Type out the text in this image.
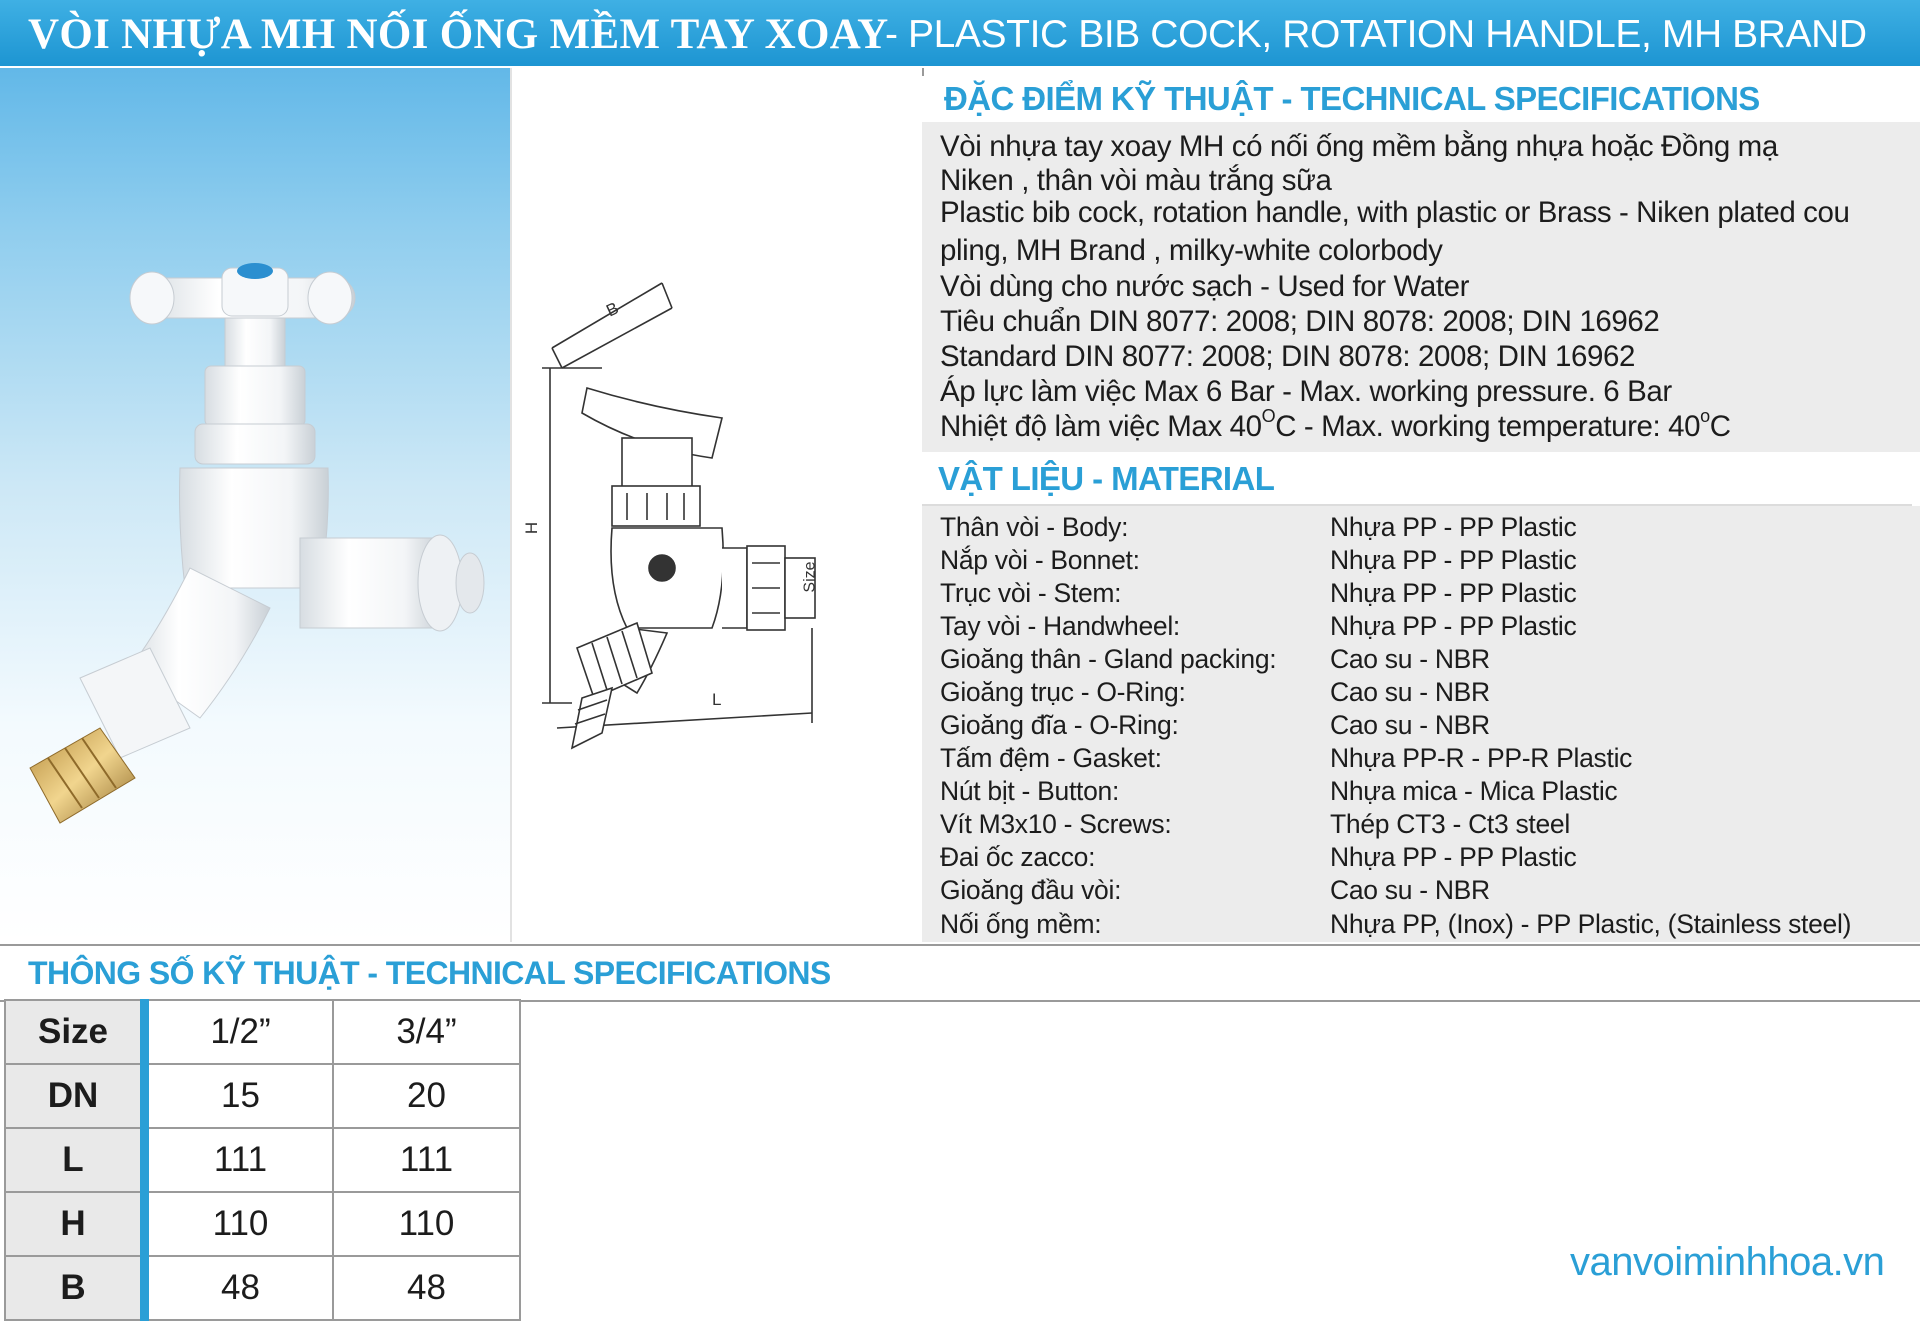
VÒI NHỰA MH NỐI ỐNG MỀM TAY XOAY
- PLASTIC BIB COCK, ROTATION HANDLE, MH BRAND
B
H
L
Size
ĐẶC ĐIỂM KỸ THUẬT - TECHNICAL SPECIFICATIONS
Vòi nhựa tay xoay MH có nối ống mềm bằng nhựa hoặc Đồng mạ
Niken , thân vòi màu trắng sữa
Plastic bib cock, rotation handle, with plastic or Brass - Niken plated cou
pling, MH Brand , milky-white colorbody
Vòi dùng cho nước sạch - Used for Water
Tiêu chuẩn DIN 8077: 2008; DIN 8078: 2008; DIN 16962
Standard DIN 8077: 2008; DIN 8078: 2008; DIN 16962
Áp lực làm việc Max 6 Bar - Max. working pressure. 6 Bar
Nhiệt độ làm việc Max $40^OC$ - Max. working temperature: 40$^o$C
VẬT LIỆU - MATERIAL
Thân vòi - Body:	Nhựa PP - PP Plastic
Nắp vòi - Bonnet:	Nhựa PP - PP Plastic
Trục vòi - Stem:	Nhựa PP - PP Plastic
Tay vòi - Handwheel:	Nhựa PP - PP Plastic
Gioăng thân - Gland packing: Cao su - NBR
Gioăng trục - O-Ring:	Cao su - NBR
Gioăng đĩa - O-Ring:	Cao su - NBR
Tấm đệm - Gasket:	Nhựa PP-R - PP-R Plastic
Nút bịt - Button:	Nhựa mica - Mica Plastic
Vít M3x10 - Screws:	Thép CT3 - Ct3 steel
Đai ốc zacco:	Nhựa PP - PP Plastic
Gioăng đầu vòi:	Cao su - NBR
Nối ống mềm:	Nhựa PP, (Inox) - PP Plastic, (Stainless steel)
THÔNG SỐ KỸ THUẬT - TECHNICAL SPECIFICATIONS
Size	1/2”	3/4”
DN	15	20
L	111	111
H	110	110
B	48	48
vanvoiminhhoa.vn
